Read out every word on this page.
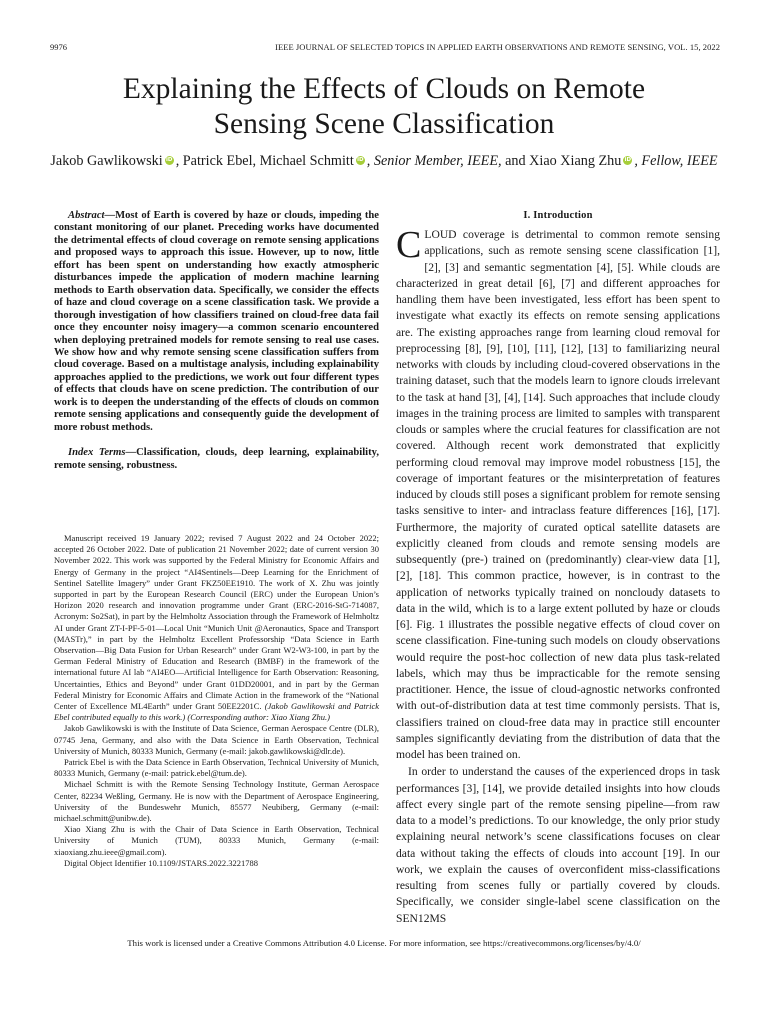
9976	IEEE JOURNAL OF SELECTED TOPICS IN APPLIED EARTH OBSERVATIONS AND REMOTE SENSING, VOL. 15, 2022
Explaining the Effects of Clouds on Remote
Sensing Scene Classification
Jakob Gawlikowski iD , Patrick Ebel, Michael Schmitt iD , Senior Member, IEEE, and Xiao Xiang Zhu iD , Fellow, IEEE

Abstract—Most of Earth is covered by haze or clouds, impeding the constant monitoring of our planet. Preceding works have documented the detrimental effects of cloud coverage on remote sensing applications and proposed ways to approach this issue. However, up to now, little effort has been spent on understanding how exactly atmospheric disturbances impede the application of modern machine learning methods to Earth observation data. Specifically, we consider the effects of haze and cloud coverage on a scene classification task. We provide a thorough investigation of how classifiers trained on cloud-free data fail once they encounter noisy imagery—a common scenario encountered when deploying pretrained models for remote sensing to real use cases. We show how and why remote sensing scene classification suffers from cloud coverage. Based on a multistage analysis, including explainability approaches applied to the predictions, we work out four different types of effects that clouds have on scene prediction. The contribution of our work is to deepen the understanding of the effects of clouds on common remote sensing applications and consequently guide the development of more robust methods.

Index Terms—Classification, clouds, deep learning, explainability, remote sensing, robustness.

Manuscript received 19 January 2022; revised 7 August 2022 and 24 October 2022; accepted 26 October 2022. Date of publication 21 November 2022; date of current version 30 November 2022. This work was supported by the Federal Ministry for Economic Affairs and Energy of Germany in the project “AI4Sentinels—Deep Learning for the Enrichment of Sentinel Satellite Imagery” under Grant FKZ50EE1910. The work of X. Zhu was jointly supported in part by the European Research Council (ERC) under the European Union’s Horizon 2020 research and innovation programme under Grant (ERC-2016-StG-714087, Acronym: So2Sat), in part by the Helmholtz Association through the Framework of Helmholtz AI under Grant ZT-I-PF-5-01—Local Unit “Munich Unit @Aeronautics, Space and Transport (MASTr),” in part by the Helmholtz Excellent Professorship “Data Science in Earth Observation—Big Data Fusion for Urban Research” under Grant W2-W3-100, in part by the German Federal Ministry of Education and Research (BMBF) in the framework of the international future AI lab “AI4EO—Artificial Intelligence for Earth Observation: Reasoning, Uncertainties, Ethics and Beyond” under Grant 01DD20001, and in part by the German Federal Ministry for Economic Affairs and Climate Action in the framework of the “National Center of Excellence ML4Earth” under Grant 50EE2201C. (Jakob Gawlikowski and Patrick Ebel contributed equally to this work.) (Corresponding author: Xiao Xiang Zhu.)

Jakob Gawlikowski is with the Institute of Data Science, German Aerospace Centre (DLR), 07745 Jena, Germany, and also with the Data Science in Earth Observation, Technical University of Munich, 80333 Munich, Germany (e-mail: jakob.gawlikowski@dlr.de).

Patrick Ebel is with the Data Science in Earth Observation, Technical University of Munich, 80333 Munich, Germany (e-mail: patrick.ebel@tum.de).

Michael Schmitt is with the Remote Sensing Technology Institute, German Aerospace Center, 82234 Weßling, Germany. He is now with the Department of Aerospace Engineering, University of the Bundeswehr Munich, 85577 Neubiberg, Germany (e-mail: michael.schmitt@unibw.de).

Xiao Xiang Zhu is with the Chair of Data Science in Earth Observation, Technical University of Munich (TUM), 80333 Munich, Germany (e-mail: xiaoxiang.zhu.ieee@gmail.com).

Digital Object Identifier 10.1109/JSTARS.2022.3221788

I. Introduction

CLOUD coverage is detrimental to common remote sensing applications, such as remote sensing scene classification [1], [2], [3] and semantic segmentation [4], [5]. While clouds are characterized in great detail [6], [7] and different approaches for handling them have been investigated, less effort has been spent to investigate what exactly its effects on remote sensing applications are. The existing approaches range from learning cloud removal for preprocessing [8], [9], [10], [11], [12], [13] to familiarizing neural networks with clouds by including cloud-covered observations in the training dataset, such that the models learn to ignore clouds irrelevant to the task at hand [3], [4], [14]. Such approaches that include cloudy images in the training process are limited to samples with transparent clouds or samples where the crucial features for classification are not covered. Although recent work demonstrated that explicitly performing cloud removal may improve model robustness [15], the coverage of important features or the misinterpretation of features induced by clouds still poses a significant problem for remote sensing tasks sensitive to inter- and intraclass feature differences [16], [17]. Furthermore, the majority of curated optical satellite datasets are explicitly cleaned from clouds and remote sensing models are subsequently (pre-) trained on (predominantly) clear-view data [1], [2], [18]. This common practice, however, is in contrast to the application of networks typically trained on noncloudy datasets to data in the wild, which is to a large extent polluted by haze or clouds [6]. Fig. 1 illustrates the possible negative effects of cloud cover on scene classification. Fine-tuning such models on cloudy observations would require the post-hoc collection of new data plus task-related labels, which may thus be impracticable for the remote sensing practitioner. Hence, the issue of cloud-agnostic networks confronted with out-of-distribution data at test time commonly persists. That is, classifiers trained on cloud-free data may in practice still encounter samples significantly deviating from the distribution of data that the model has been trained on.

In order to understand the causes of the experienced drops in task performances [3], [14], we provide detailed insights into how clouds affect every single part of the remote sensing pipeline—from raw data to a model’s predictions. To our knowledge, the only prior study explaining neural network’s scene classifications focuses on clear data without taking the effects of clouds into account [19]. In our work, we explain the causes of overconfident miss-classifications resulting from scenes fully or partially covered by clouds. Specifically, we consider single-label scene classification on the SEN12MS

This work is licensed under a Creative Commons Attribution 4.0 License. For more information, see https://creativecommons.org/licenses/by/4.0/
